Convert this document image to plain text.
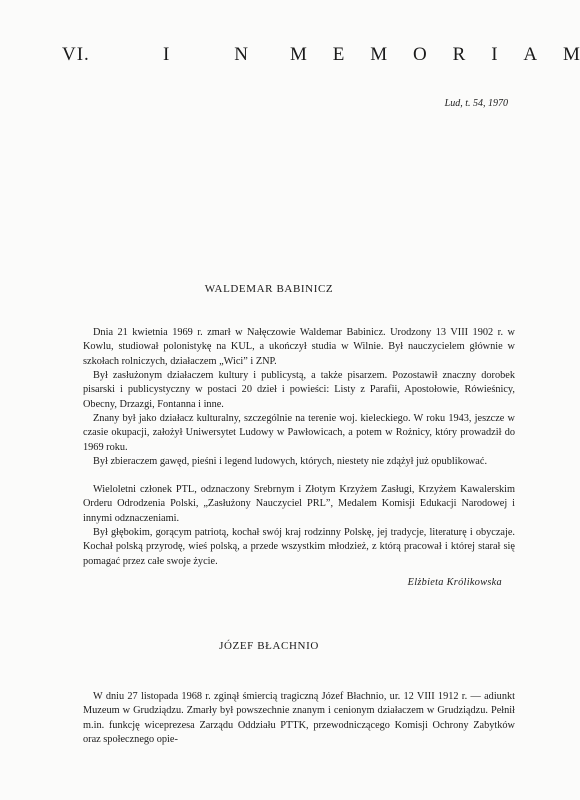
VI.	I	N M E M O R I A M
Lud, t. 54, 1970
WALDEMAR BABINICZ

Dnia 21 kwietnia 1969 r. zmarł w Nałęczowie Waldemar Babinicz. Urodzony 13 VIII 1902 r. w Kowlu, studiował polonistykę na KUL, a ukończył studia w Wilnie. Był nauczycielem głównie w szkołach rolniczych, działaczem „Wici” i ZNP.

Był zasłużonym działaczem kultury i publicystą, a także pisarzem. Pozostawił znaczny dorobek pisarski i publicystyczny w postaci 20 dzieł i powieści: Listy z Parafii, Apostołowie, Rówieśnicy, Obecny, Drzazgi, Fontanna i inne.

Znany był jako działacz kulturalny, szczególnie na terenie woj. kieleckiego. W roku 1943, jeszcze w czasie okupacji, założył Uniwersytet Ludowy w Pawłowicach, a potem w Rożnicy, który prowadził do 1969 roku.

Był zbieraczem gawęd, pieśni i legend ludowych, których, niestety nie zdążył już opublikować.

Wieloletni członek PTL, odznaczony Srebrnym i Złotym Krzyżem Zasługi, Krzyżem Kawalerskim Orderu Odrodzenia Polski, „Zasłużony Nauczyciel PRL”, Medalem Komisji Edukacji Narodowej i innymi odznaczeniami.

Był głębokim, gorącym patriotą, kochał swój kraj rodzinny Polskę, jej tradycje, literaturę i obyczaje. Kochał polską przyrodę, wieś polską, a przede wszystkim młodzież, z którą pracował i której starał się pomagać przez całe swoje życie.

Elżbieta Królikowska
JÓZEF BŁACHNIO

W dniu 27 listopada 1968 r. zginął śmiercią tragiczną Józef Błachnio, ur. 12 VIII 1912 r. — adiunkt Muzeum w Grudziądzu. Zmarły był powszechnie znanym i cenionym działaczem w Grudziądzu. Pełnił m.in. funkcję wiceprezesa Zarządu Oddziału PTTK, przewodniczącego Komisji Ochrony Zabytków oraz społecznego opie-
